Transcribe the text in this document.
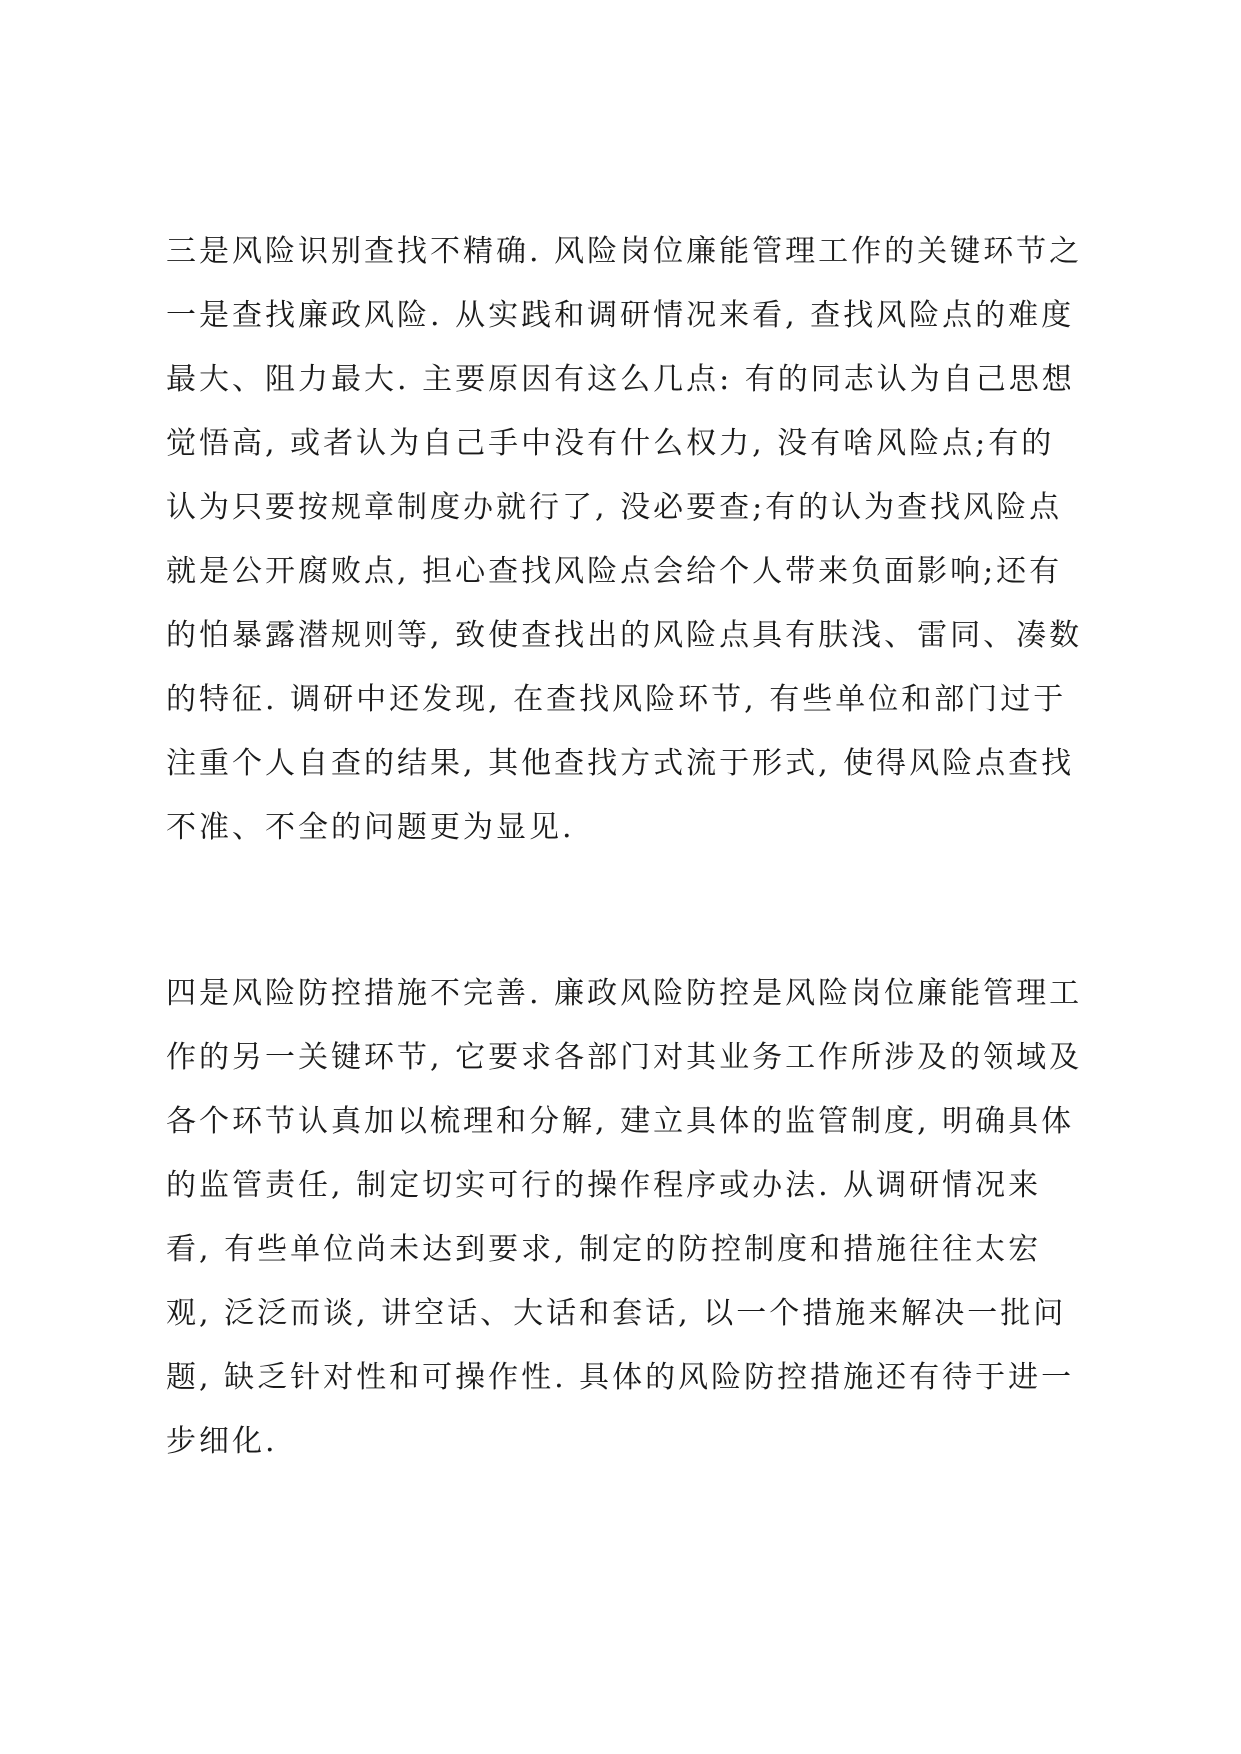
三是风险识别查找不精确. 风险岗位廉能管理工作的关键环节之
一是查找廉政风险. 从实践和调研情况来看, 查找风险点的难度
最大、阻力最大. 主要原因有这么几点: 有的同志认为自己思想
觉悟高, 或者认为自己手中没有什么权力, 没有啥风险点;有的
认为只要按规章制度办就行了, 没必要查;有的认为查找风险点
就是公开腐败点, 担心查找风险点会给个人带来负面影响;还有
的怕暴露潜规则等, 致使查找出的风险点具有肤浅、雷同、凑数
的特征. 调研中还发现, 在查找风险环节, 有些单位和部门过于
注重个人自查的结果, 其他查找方式流于形式, 使得风险点查找
不准、不全的问题更为显见.
四是风险防控措施不完善. 廉政风险防控是风险岗位廉能管理工
作的另一关键环节, 它要求各部门对其业务工作所涉及的领域及
各个环节认真加以梳理和分解, 建立具体的监管制度, 明确具体
的监管责任, 制定切实可行的操作程序或办法. 从调研情况来
看, 有些单位尚未达到要求, 制定的防控制度和措施往往太宏
观, 泛泛而谈, 讲空话、大话和套话, 以一个措施来解决一批问
题, 缺乏针对性和可操作性. 具体的风险防控措施还有待于进一
步细化.
